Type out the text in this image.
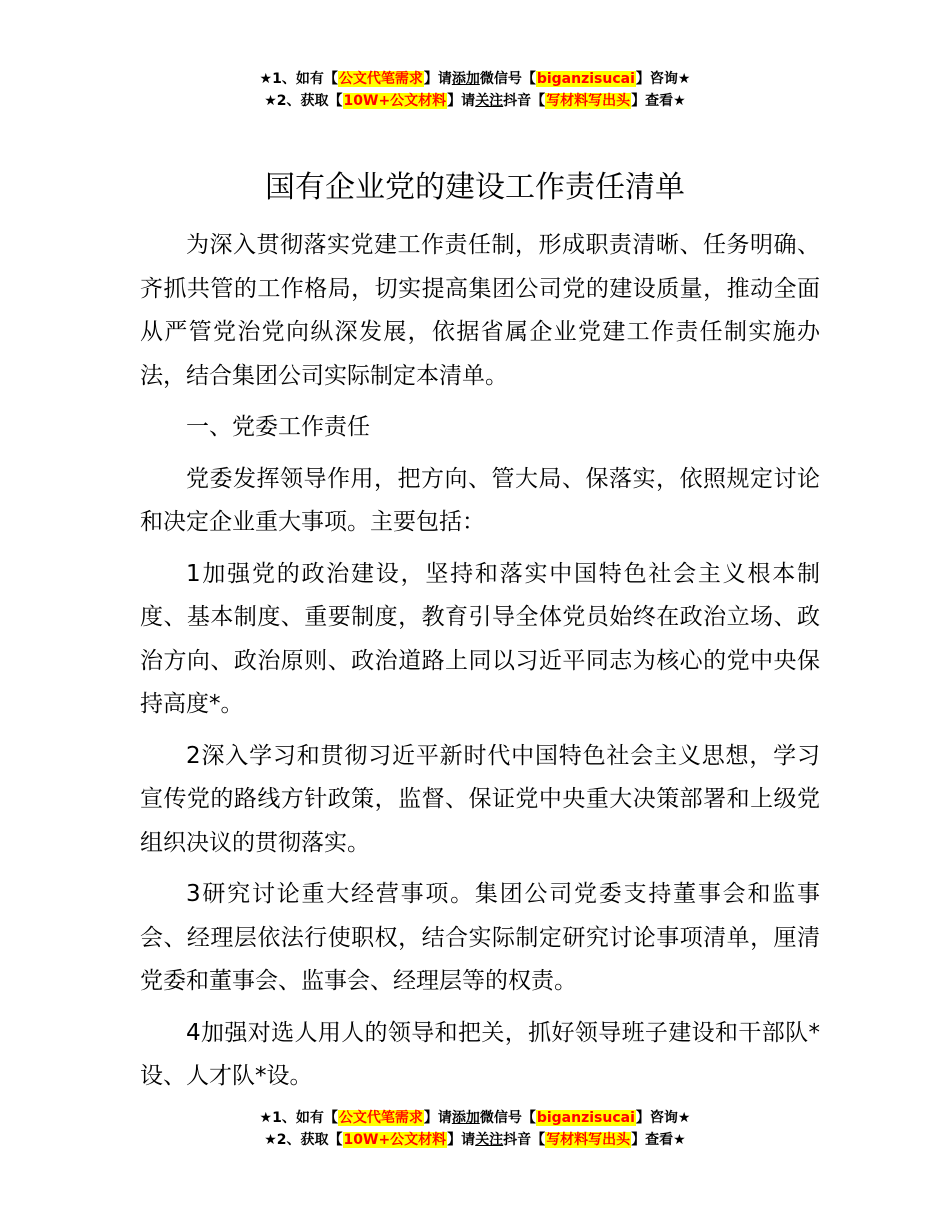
★1、如有【公文代笔需求】请添加微信号【biganzisucai】咨询★
★2、获取【10W+公文材料】请关注抖音【写材料写出头】查看★
国有企业党的建设工作责任清单

为深入贯彻落实党建工作责任制，形成职责清晰、任务明确、齐抓共管的工作格局，切实提高集团公司党的建设质量，推动全面从严管党治党向纵深发展，依据省属企业党建工作责任制实施办法，结合集团公司实际制定本清单。

一、党委工作责任

党委发挥领导作用，把方向、管大局、保落实，依照规定讨论和决定企业重大事项。主要包括：

1加强党的政治建设，坚持和落实中国特色社会主义根本制度、基本制度、重要制度，教育引导全体党员始终在政治立场、政治方向、政治原则、政治道路上同以习近平同志为核心的党中央保持高度*。

2深入学习和贯彻习近平新时代中国特色社会主义思想，学习宣传党的路线方针政策，监督、保证党中央重大决策部署和上级党组织决议的贯彻落实。

3研究讨论重大经营事项。集团公司党委支持董事会和监事会、经理层依法行使职权，结合实际制定研究讨论事项清单，厘清党委和董事会、监事会、经理层等的权责。

4加强对选人用人的领导和把关，抓好领导班子建设和干部队*设、人才队*设。

★1、如有【公文代笔需求】请添加微信号【biganzisucai】咨询★
★2、获取【10W+公文材料】请关注抖音【写材料写出头】查看★
